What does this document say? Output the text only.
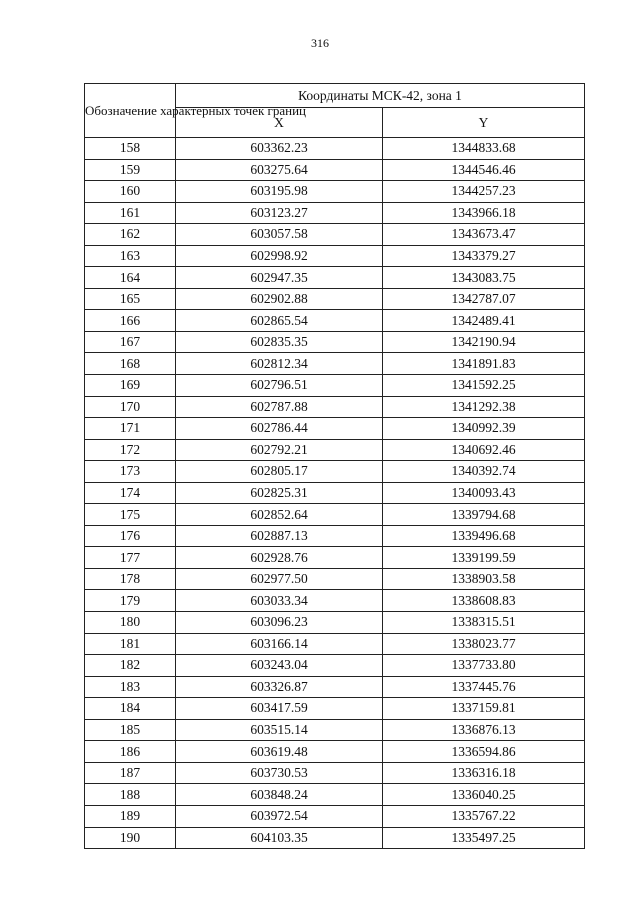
316
Обозначение характерных точек границ	Координаты МСК-42, зона 1	
	X	Y
158	603362.23	1344833.68
159	603275.64	1344546.46
160	603195.98	1344257.23
161	603123.27	1343966.18
162	603057.58	1343673.47
163	602998.92	1343379.27
164	602947.35	1343083.75
165	602902.88	1342787.07
166	602865.54	1342489.41
167	602835.35	1342190.94
168	602812.34	1341891.83
169	602796.51	1341592.25
170	602787.88	1341292.38
171	602786.44	1340992.39
172	602792.21	1340692.46
173	602805.17	1340392.74
174	602825.31	1340093.43
175	602852.64	1339794.68
176	602887.13	1339496.68
177	602928.76	1339199.59
178	602977.50	1338903.58
179	603033.34	1338608.83
180	603096.23	1338315.51
181	603166.14	1338023.77
182	603243.04	1337733.80
183	603326.87	1337445.76
184	603417.59	1337159.81
185	603515.14	1336876.13
186	603619.48	1336594.86
187	603730.53	1336316.18
188	603848.24	1336040.25
189	603972.54	1335767.22
190	604103.35	1335497.25
